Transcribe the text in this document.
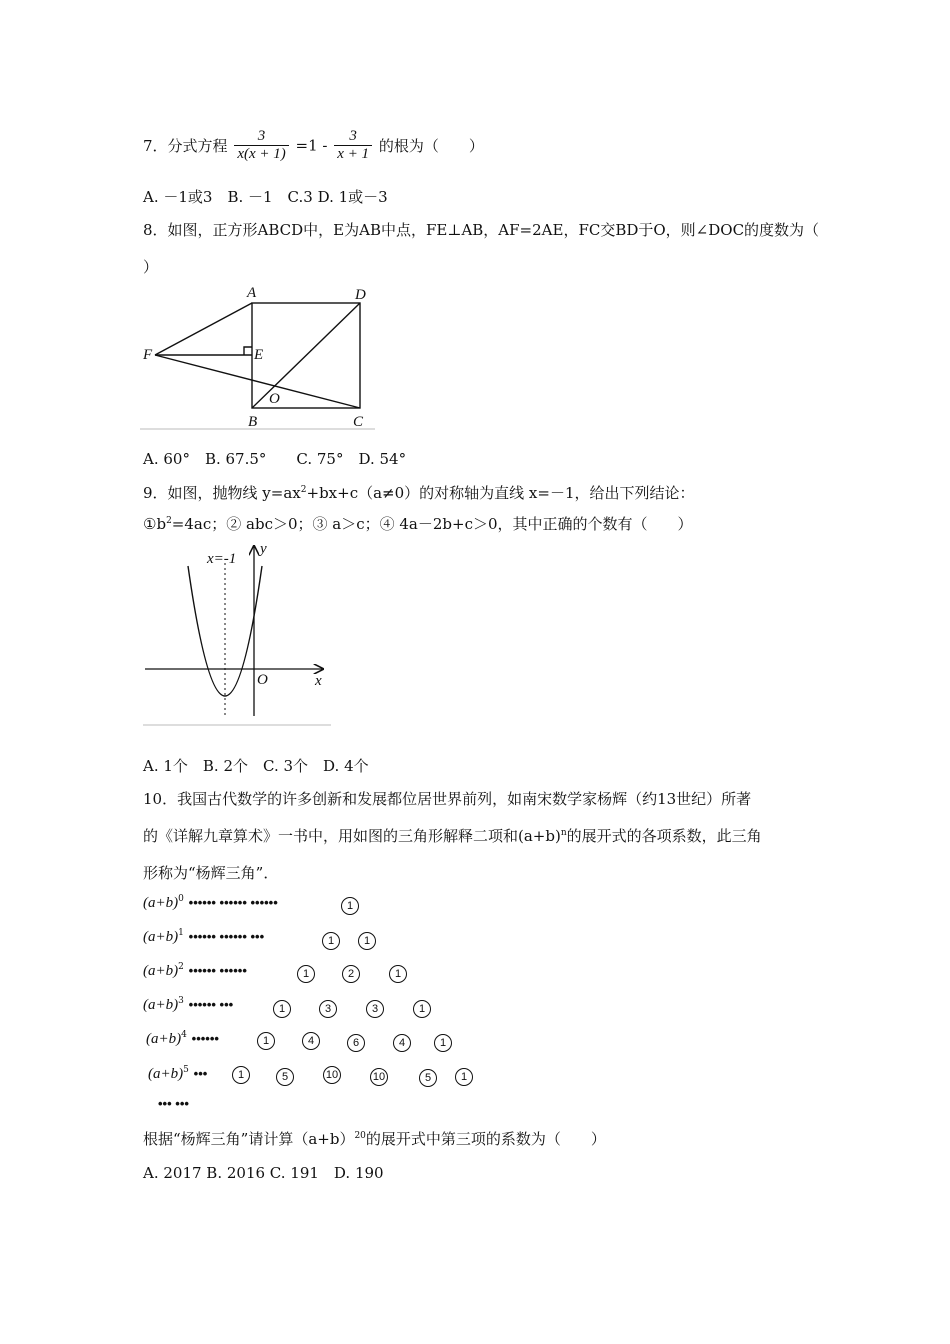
7．分式方程 $\frac{3}{x(x + 1)} =1 - \frac{3}{x + 1}$ 的根为（　　）
A. －1或3　B. －1　C.3 D. 1或－3
8．如图，正方形ABCD中，E为AB中点，FE⊥AB，AF=2AE，FC交BD于O，则∠DOC的度数为（
）
A	D
F	E
O
B	C
A. 60°　B. 67.5°　　C. 75°　D. 54°
9．如图，抛物线 $y=ax^2+bx+c(a\ne 0)$的对称轴为直线 x=－1，给出下列结论：
$①b^2=4ac$；② abc＞0；③ a＞c；④ 4a－2b+c＞0，其中正确的个数有（　　）
x=-1
y
O	x
A. 1个　B. 2个　C. 3个　D. 4个
10．我国古代数学的许多创新和发展都位居世界前列，如南宋数学家杨辉（约13世纪）所著
的《详解九章算术》一书中，用如图的三角形解释二项和$(a+b)^n$的展开式的各项系数，此三角
形称为“杨辉三角”．
$(a+b)^0$ •••••• •••••• ••••••	1
$(a+b)^1$ •••••• •••••• •••	1	1
$(a+b)^2$ •••••• ••••••	1	2	1
$(a+b)^3$ •••••• •••	1	3	3	1
$(a+b)^4$ ••••••	1	4	6	4	1
$(a+b)^5$ •••	1	5	10	10	5	1
••• •••
根据“杨辉三角”请计算$(a+b)^{20}$的展开式中第三项的系数为（　　）
A. 2017 B. 2016 C. 191　D. 190
